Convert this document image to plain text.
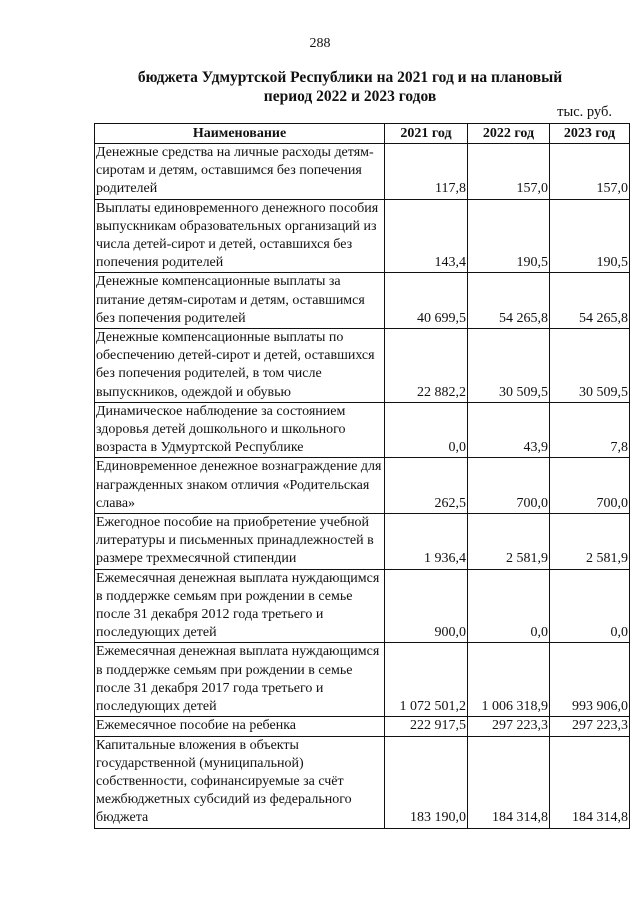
288
бюджета Удмуртской Республики на 2021 год и на плановый
период 2022 и 2023 годов
тыс. руб.
Наименование	2021 год	2022 год	2023 год
Денежные средства на личные расходы детям-сиротам и детям, оставшимся без попечения родителей	117,8	157,0	157,0
Выплаты единовременного денежного пособия выпускникам образовательных организаций из числа детей-сирот и детей, оставшихся без попечения родителей	143,4	190,5	190,5
Денежные компенсационные выплаты за питание детям-сиротам и детям, оставшимся без попечения родителей	40 699,5	54 265,8	54 265,8
Денежные компенсационные выплаты по обеспечению детей-сирот и детей, оставшихся без попечения родителей, в том числе выпускников, одеждой и обувью	22 882,2	30 509,5	30 509,5
Динамическое наблюдение за состоянием здоровья детей дошкольного и школьного возраста в Удмуртской Республике	0,0	43,9	7,8
Единовременное денежное вознаграждение для награжденных знаком отличия «Родительская слава»	262,5	700,0	700,0
Ежегодное пособие на приобретение учебной литературы и письменных принадлежностей в размере трехмесячной стипендии	1 936,4	2 581,9	2 581,9
Ежемесячная денежная выплата нуждающимся в поддержке семьям при рождении в семье после 31 декабря 2012 года третьего и последующих детей	900,0	0,0	0,0
Ежемесячная денежная выплата нуждающимся в поддержке семьям при рождении в семье после 31 декабря 2017 года третьего и последующих детей	1 072 501,2	1 006 318,9	993 906,0
Ежемесячное пособие на ребенка	222 917,5	297 223,3	297 223,3
Капитальные вложения в объекты государственной (муниципальной) собственности, софинансируемые за счёт межбюджетных субсидий из федерального бюджета	183 190,0	184 314,8	184 314,8
